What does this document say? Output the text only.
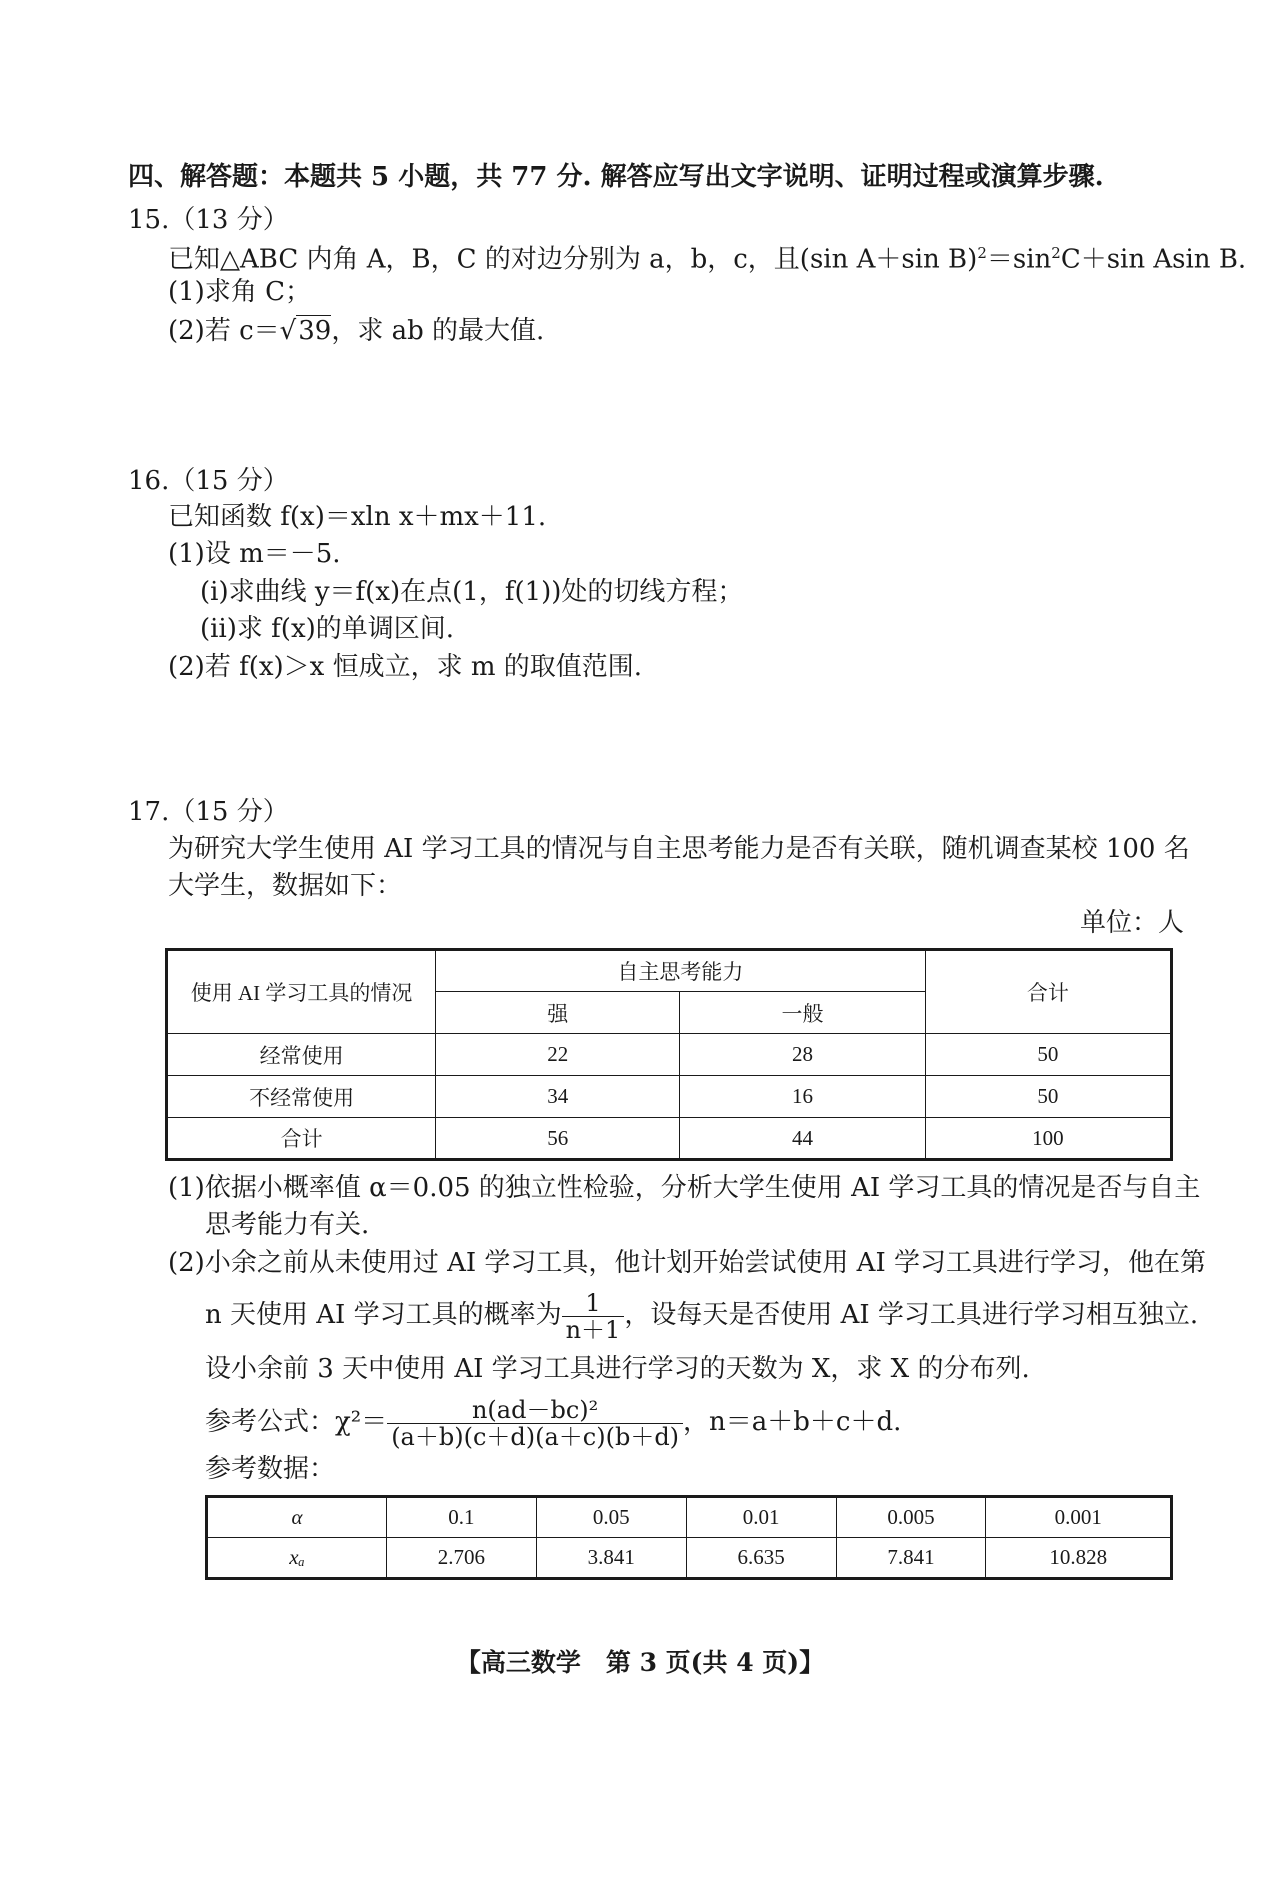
四、解答题：本题共 5 小题，共 77 分. 解答应写出文字说明、证明过程或演算步骤.
15.（13 分）
已知△ABC 内角 A，B，C 的对边分别为 a，b，c，且(sin A＋sin $B)^2=\sin^2C+\sin$ Asin B.
(1)求角 C；
(2)若 c＝√39，求 ab 的最大值.
16.（15 分）
已知函数 f(x)＝xln x＋mx＋11.
(1)设 m＝－5.
(ⅰ)求曲线 y＝f(x)在点(1，f(1))处的切线方程；
(ⅱ)求 f(x)的单调区间.
(2)若 f(x)＞x 恒成立，求 m 的取值范围.
17.（15 分）
为研究大学生使用 AI 学习工具的情况与自主思考能力是否有关联，随机调查某校 100 名
大学生，数据如下：
单位：人
使用 AI 学习工具的情况	自主思考能力		合计
	强	一般	
经常使用	22	28	50
不经常使用	34	16	50
合计	56	44	100
(1)依据小概率值 α＝0.05 的独立性检验，分析大学生使用 AI 学习工具的情况是否与自主
思考能力有关.
(2)小余之前从未使用过 AI 学习工具，他计划开始尝试使用 AI 学习工具进行学习，他在第
n 天使用 AI 学习工具的概率为 $\frac{1}{n+1}$ ，设每天是否使用 AI 学习工具进行学习相互独立.
设小余前 3 天中使用 AI 学习工具进行学习的天数为 X，求 X 的分布列.
参考公式：$\chi^2= \frac{\text{n(ad－bc)²}}{(a+b)(c+d)(a+c)(b+d)}$ ，n＝a＋b＋c＋d.
参考数据：
α	0.1	0.05	0.01	0.005	0.001
xₐ	2.706	3.841	6.635	7.841	10.828
【高三数学　第 3 页(共 4 页)】
